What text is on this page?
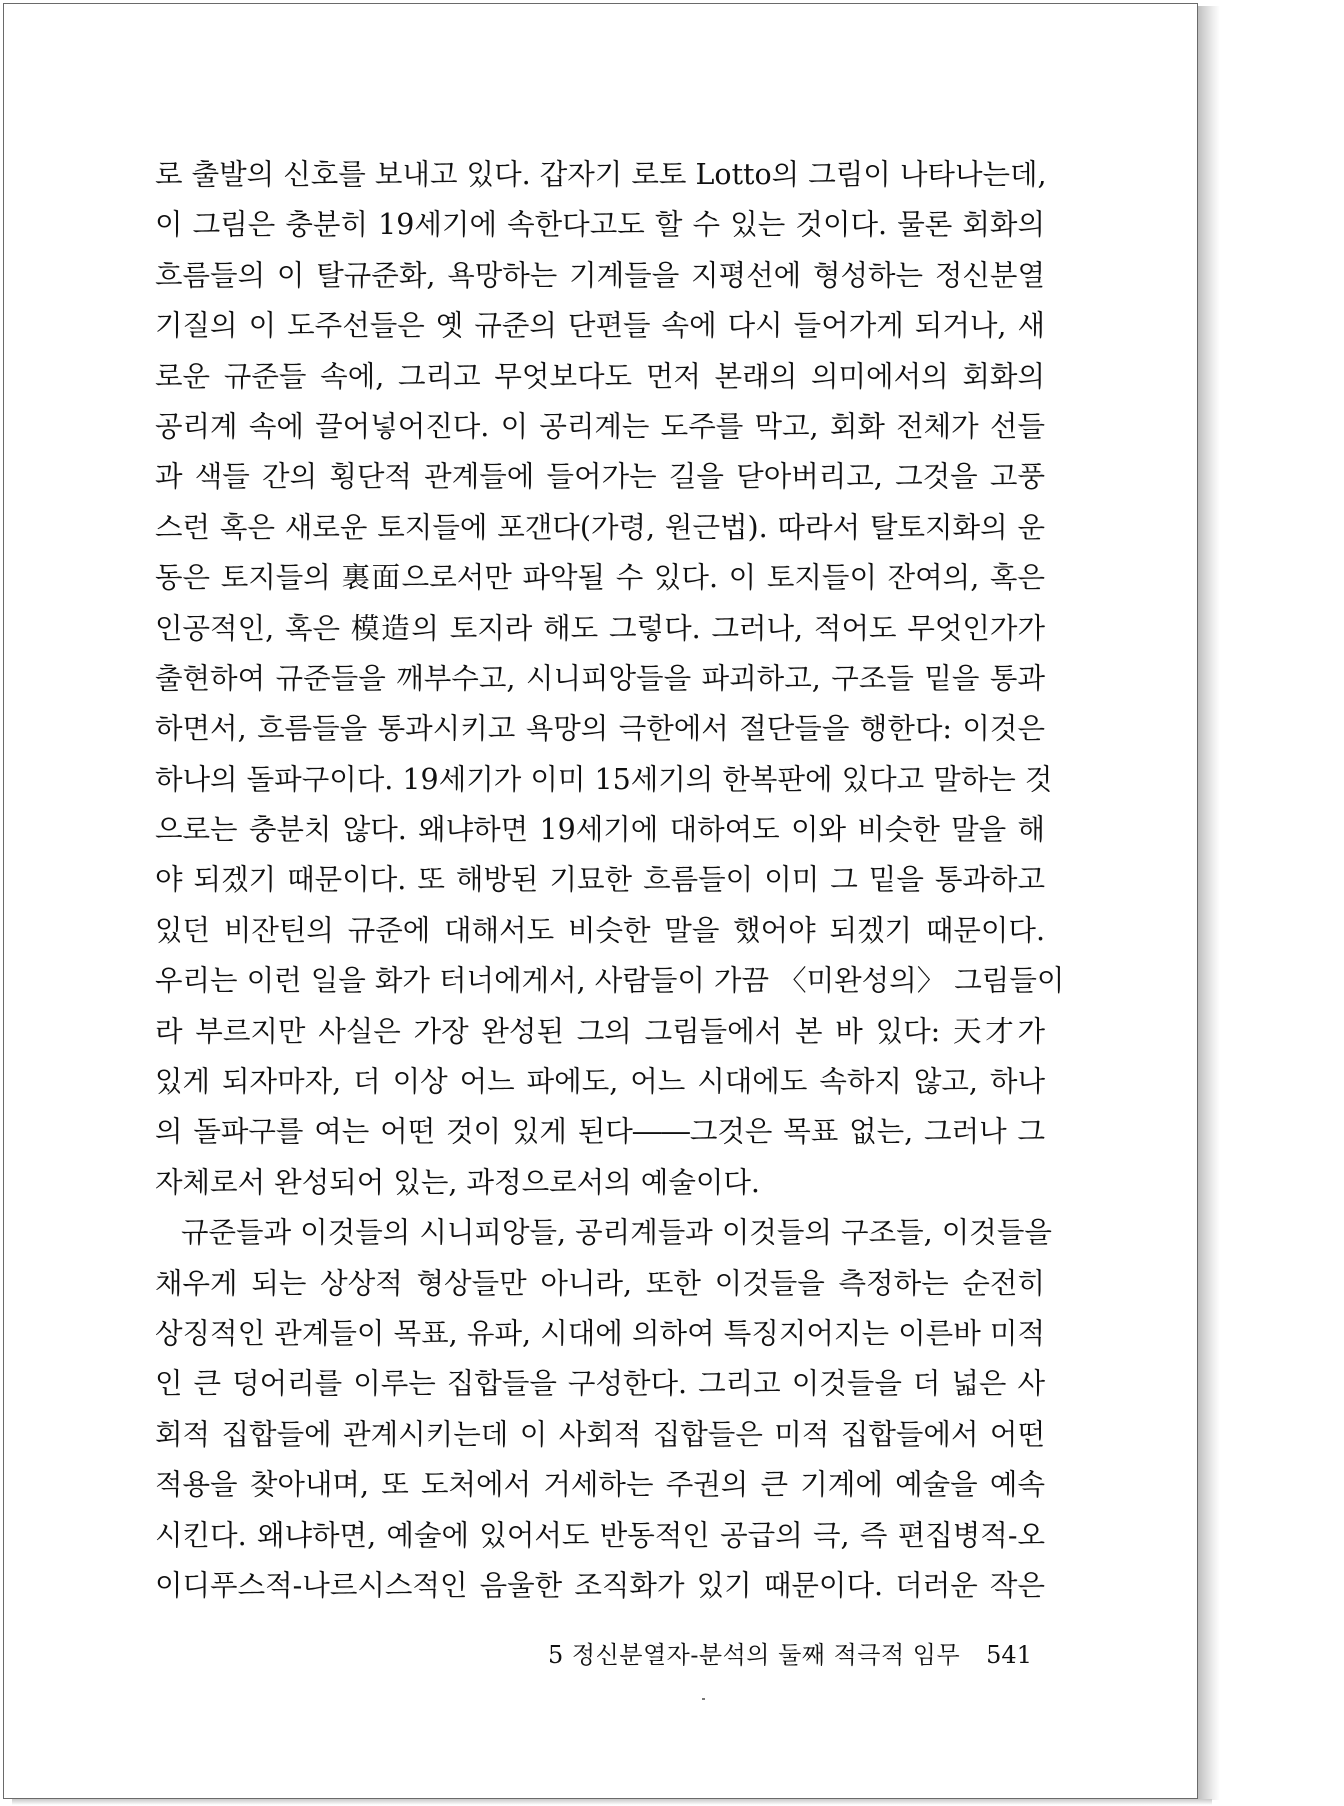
로 출발의 신호를 보내고 있다. 갑자기 로토 Lotto의 그림이 나타나는데,
이 그림은 충분히 19세기에 속한다고도 할 수 있는 것이다. 물론 회화의
흐름들의 이 탈규준화, 욕망하는 기계들을 지평선에 형성하는 정신분열
기질의 이 도주선들은 옛 규준의 단편들 속에 다시 들어가게 되거나, 새
로운 규준들 속에, 그리고 무엇보다도 먼저 본래의 의미에서의 회화의
공리계 속에 끌어넣어진다. 이 공리계는 도주를 막고, 회화 전체가 선들
과 색들 간의 횡단적 관계들에 들어가는 길을 닫아버리고, 그것을 고풍
스런 혹은 새로운 토지들에 포갠다(가령, 원근법). 따라서 탈토지화의 운
동은 토지들의 裏面으로서만 파악될 수 있다. 이 토지들이 잔여의, 혹은
인공적인, 혹은 模造의 토지라 해도 그렇다. 그러나, 적어도 무엇인가가
출현하여 규준들을 깨부수고, 시니피앙들을 파괴하고, 구조들 밑을 통과
하면서, 흐름들을 통과시키고 욕망의 극한에서 절단들을 행한다: 이것은
하나의 돌파구이다. 19세기가 이미 15세기의 한복판에 있다고 말하는 것
으로는 충분치 않다. 왜냐하면 19세기에 대하여도 이와 비슷한 말을 해
야 되겠기 때문이다. 또 해방된 기묘한 흐름들이 이미 그 밑을 통과하고
있던 비잔틴의 규준에 대해서도 비슷한 말을 했어야 되겠기 때문이다.
우리는 이런 일을 화가 터너에게서, 사람들이 가끔 〈미완성의〉 그림들이
라 부르지만 사실은 가장 완성된 그의 그림들에서 본 바 있다: 天才가
있게 되자마자, 더 이상 어느 파에도, 어느 시대에도 속하지 않고, 하나
의 돌파구를 여는 어떤 것이 있게 된다――그것은 목표 없는, 그러나 그
자체로서 완성되어 있는, 과정으로서의 예술이다.
규준들과 이것들의 시니피앙들, 공리계들과 이것들의 구조들, 이것들을
채우게 되는 상상적 형상들만 아니라, 또한 이것들을 측정하는 순전히
상징적인 관계들이 목표, 유파, 시대에 의하여 특징지어지는 이른바 미적
인 큰 덩어리를 이루는 집합들을 구성한다. 그리고 이것들을 더 넓은 사
회적 집합들에 관계시키는데 이 사회적 집합들은 미적 집합들에서 어떤
적용을 찾아내며, 또 도처에서 거세하는 주권의 큰 기계에 예술을 예속
시킨다. 왜냐하면, 예술에 있어서도 반동적인 공급의 극, 즉 편집병적-오
이디푸스적-나르시스적인 음울한 조직화가 있기 때문이다. 더러운 작은
5 정신분열자-분석의 둘째 적극적 임무 541
